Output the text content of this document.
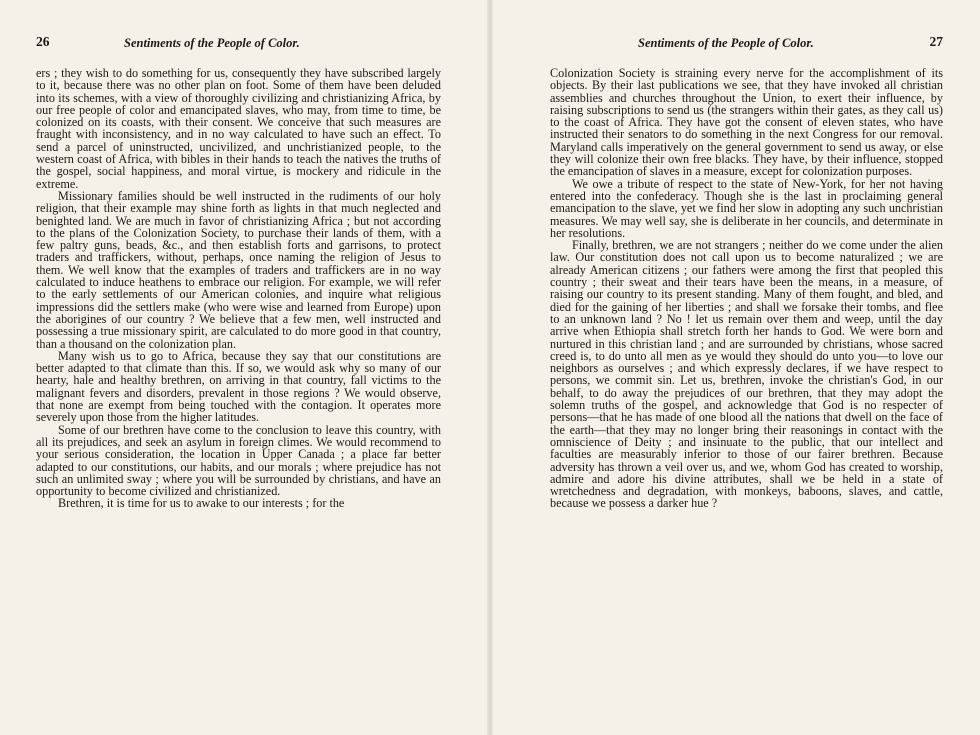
26	Sentiments of the People of Color.

ers ; they wish to do something for us, consequently they have subscribed largely to it, because there was no other plan on foot. Some of them have been deluded into its schemes, with a view of thoroughly civilizing and christianizing Africa, by our free people of color and emancipated slaves, who may, from time to time, be colonized on its coasts, with their consent. We conceive that such measures are fraught with inconsistency, and in no way calculated to have such an effect. To send a parcel of uninstructed, uncivilized, and unchristianized people, to the western coast of Africa, with bibles in their hands to teach the natives the truths of the gospel, social happiness, and moral virtue, is mockery and ridicule in the extreme.

Missionary families should be well instructed in the rudiments of our holy religion, that their example may shine forth as lights in that much neglected and benighted land. We are much in favor of christianizing Africa ; but not according to the plans of the Colonization Society, to purchase their lands of them, with a few paltry guns, beads, &c., and then establish forts and garrisons, to protect traders and traffickers, without, perhaps, once naming the religion of Jesus to them. We well know that the examples of traders and traffickers are in no way calculated to induce heathens to embrace our religion. For example, we will refer to the early settlements of our American colonies, and inquire what religious impressions did the settlers make (who were wise and learned from Europe) upon the aborigines of our country ? We believe that a few men, well instructed and possessing a true missionary spirit, are calculated to do more good in that country, than a thousand on the colonization plan.

Many wish us to go to Africa, because they say that our constitutions are better adapted to that climate than this. If so, we would ask why so many of our hearty, hale and healthy brethren, on arriving in that country, fall victims to the malignant fevers and disorders, prevalent in those regions ? We would observe, that none are exempt from being touched with the contagion. It operates more severely upon those from the higher latitudes.

Some of our brethren have come to the conclusion to leave this country, with all its prejudices, and seek an asylum in foreign climes. We would recommend to your serious consideration, the location in Upper Canada ; a place far better adapted to our constitutions, our habits, and our morals ; where prejudice has not such an unlimited sway ; where you will be surrounded by christians, and have an opportunity to become civilized and christianized.

Brethren, it is time for us to awake to our interests ; for the

Sentiments of the People of Color.	27

Colonization Society is straining every nerve for the accomplishment of its objects. By their last publications we see, that they have invoked all christian assemblies and churches throughout the Union, to exert their influence, by raising subscriptions to send us (the strangers within their gates, as they call us) to the coast of Africa. They have got the consent of eleven states, who have instructed their senators to do something in the next Congress for our removal. Maryland calls imperatively on the general government to send us away, or else they will colonize their own free blacks. They have, by their influence, stopped the emancipation of slaves in a measure, except for colonization purposes.

We owe a tribute of respect to the state of New-York, for her not having entered into the confederacy. Though she is the last in proclaiming general emancipation to the slave, yet we find her slow in adopting any such unchristian measures. We may well say, she is deliberate in her councils, and determinate in her resolutions.

Finally, brethren, we are not strangers ; neither do we come under the alien law. Our constitution does not call upon us to become naturalized ; we are already American citizens ; our fathers were among the first that peopled this country ; their sweat and their tears have been the means, in a measure, of raising our country to its present standing. Many of them fought, and bled, and died for the gaining of her liberties ; and shall we forsake their tombs, and flee to an unknown land ? No ! let us remain over them and weep, until the day arrive when Ethiopia shall stretch forth her hands to God. We were born and nurtured in this christian land ; and are surrounded by christians, whose sacred creed is, to do unto all men as ye would they should do unto you—to love our neighbors as ourselves ; and which expressly declares, if we have respect to persons, we commit sin. Let us, brethren, invoke the christian's God, in our behalf, to do away the prejudices of our brethren, that they may adopt the solemn truths of the gospel, and acknowledge that God is no respecter of persons—that he has made of one blood all the nations that dwell on the face of the earth—that they may no longer bring their reasonings in contact with the omniscience of Deity ; and insinuate to the public, that our intellect and faculties are measurably inferior to those of our fairer brethren. Because adversity has thrown a veil over us, and we, whom God has created to worship, admire and adore his divine attributes, shall we be held in a state of wretchedness and degradation, with monkeys, baboons, slaves, and cattle, because we possess a darker hue ?
